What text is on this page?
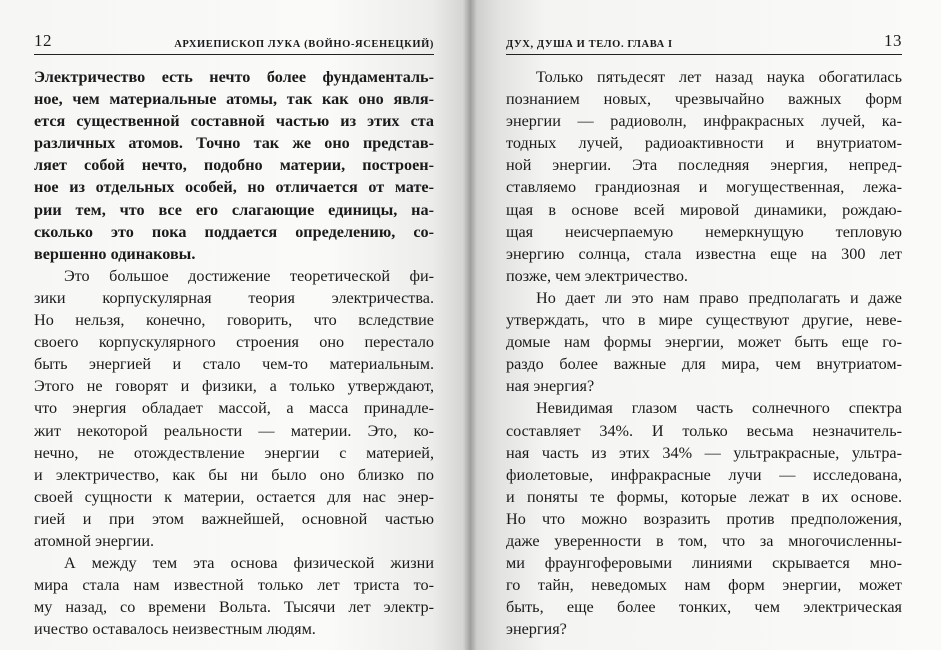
12	АРХИЕПИСКОП ЛУКА (ВОЙНО-ЯСЕНЕЦКИЙ)
Электричество есть нечто более фундаменталь-
ное, чем материальные атомы, так как оно явля-
ется существенной составной частью из этих ста
различных атомов. Точно так же оно представ-
ляет собой нечто, подобно материи, построен-
ное из отдельных особей, но отличается от мате-
рии тем, что все его слагающие единицы, на-
сколько это пока поддается определению, со-
вершенно одинаковы.
Это большое достижение теоретической фи-
зики корпускулярная теория электричества.
Но нельзя, конечно, говорить, что вследствие
своего корпускулярного строения оно перестало
быть энергией и стало чем-то материальным.
Этого не говорят и физики, а только утверждают,
что энергия обладает массой, а масса принадле-
жит некоторой реальности — материи. Это, ко-
нечно, не отождествление энергии с материей,
и электричество, как бы ни было оно близко по
своей сущности к материи, остается для нас энер-
гией и при этом важнейшей, основной частью
атомной энергии.
А между тем эта основа физической жизни
мира стала нам известной только лет триста то-
му назад, со времени Вольта. Тысячи лет электр-
ичество оставалось неизвестным людям.
ДУХ, ДУША И ТЕЛО. ГЛАВА I	13
Только пятьдесят лет назад наука обогатилась
познанием новых, чрезвычайно важных форм
энергии — радиоволн, инфракрасных лучей, ка-
тодных лучей, радиоактивности и внутриатом-
ной энергии. Эта последняя энергия, непред-
ставляемо грандиозная и могущественная, лежа-
щая в основе всей мировой динамики, рождаю-
щая неисчерпаемую немеркнущую тепловую
энергию солнца, стала известна еще на 300 лет
позже, чем электричество.
Но дает ли это нам право предполагать и даже
утверждать, что в мире существуют другие, неве-
домые нам формы энергии, может быть еще го-
раздо более важные для мира, чем внутриатом-
ная энергия?
Невидимая глазом часть солнечного спектра
составляет 34%. И только весьма незначитель-
ная часть из этих 34% — ультракрасные, ультра-
фиолетовые, инфракрасные лучи — исследована,
и поняты те формы, которые лежат в их основе.
Но что можно возразить против предположения,
даже уверенности в том, что за многочисленны-
ми фраунгоферовыми линиями скрывается мно-
го тайн, неведомых нам форм энергии, может
быть, еще более тонких, чем электрическая
энергия?
